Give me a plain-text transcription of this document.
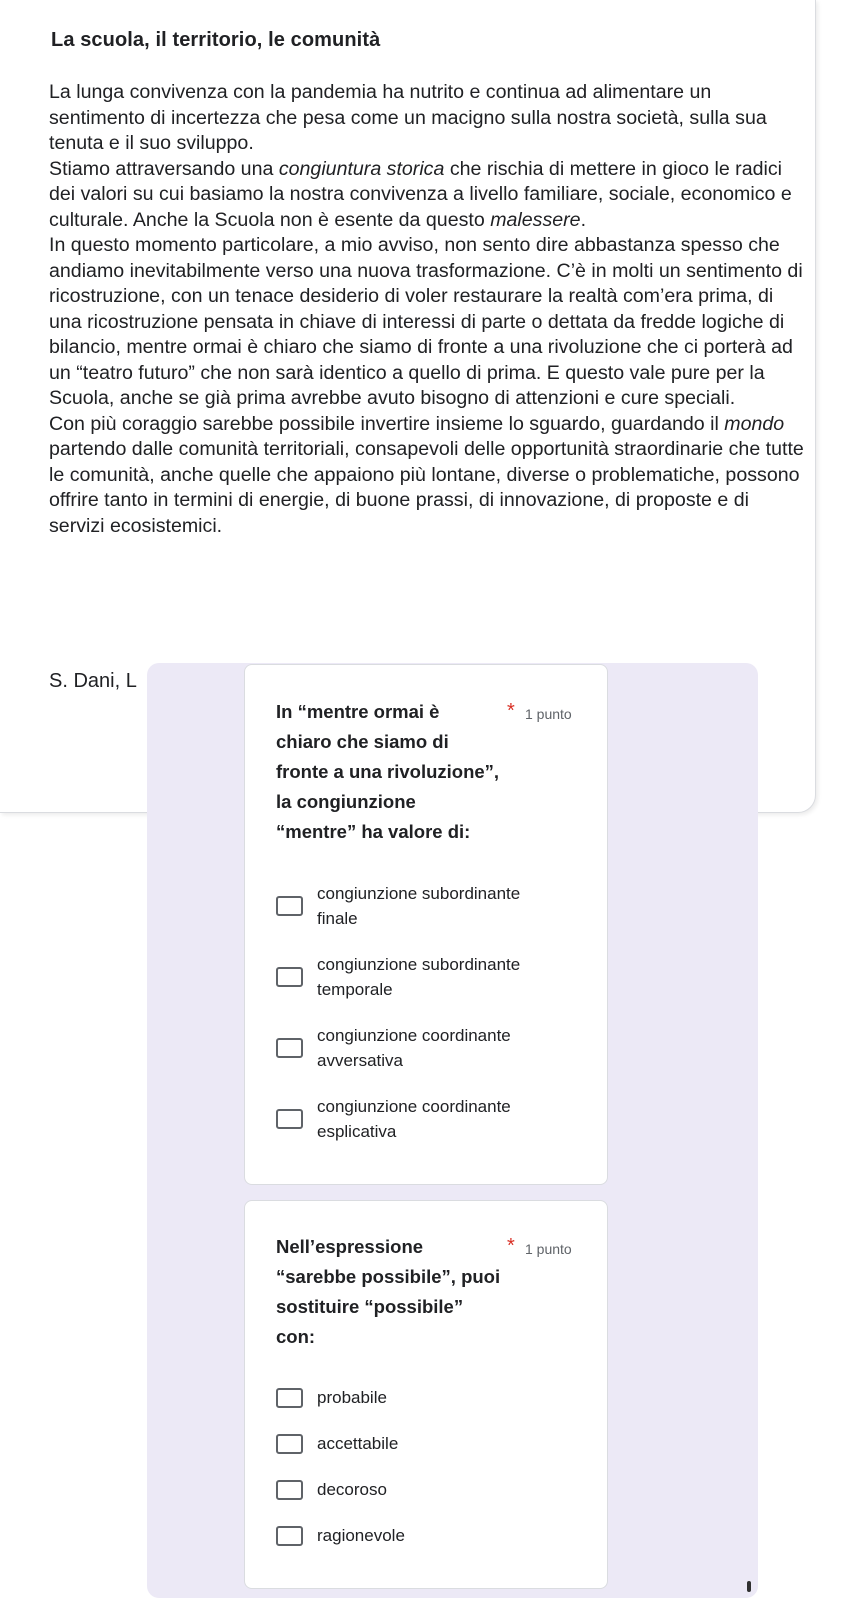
La scuola, il territorio, le comunità

La lunga convivenza con la pandemia ha nutrito e continua ad alimentare un sentimento di incertezza che pesa come un macigno sulla nostra società, sulla sua tenuta e il suo sviluppo.

Stiamo attraversando una congiuntura storica che rischia di mettere in gioco le radici dei valori su cui basiamo la nostra convivenza a livello familiare, sociale, economico e culturale. Anche la Scuola non è esente da questo malessere.

In questo momento particolare, a mio avviso, non sento dire abbastanza spesso che andiamo inevitabilmente verso una nuova trasformazione. C’è in molti un sentimento di ricostruzione, con un tenace desiderio di voler restaurare la realtà com’era prima, di una ricostruzione pensata in chiave di interessi di parte o dettata da fredde logiche di bilancio, mentre ormai è chiaro che siamo di fronte a una rivoluzione che ci porterà ad un “teatro futuro” che non sarà identico a quello di prima. E questo vale pure per la Scuola, anche se già prima avrebbe avuto bisogno di attenzioni e cure speciali.

Con più coraggio sarebbe possibile invertire insieme lo sguardo, guardando il mondo partendo dalle comunità territoriali, consapevoli delle opportunità straordinarie che tutte le comunità, anche quelle che appaiono più lontane, diverse o problematiche, possono offrire tanto in termini di energie, di buone prassi, di innovazione, di proposte e di servizi ecosistemici.

S. Dani, L
In “mentre ormai è
chiaro che siamo di
fronte a una rivoluzione”,
la congiunzione
“mentre” ha valore di:
* 1 punto
congiunzione subordinante
finale
congiunzione subordinante
temporale
congiunzione coordinante
avversativa
congiunzione coordinante
esplicativa
Nell’espressione
“sarebbe possibile”, puoi
sostituire “possibile”
con:
* 1 punto
probabile
accettabile
decoroso
ragionevole
